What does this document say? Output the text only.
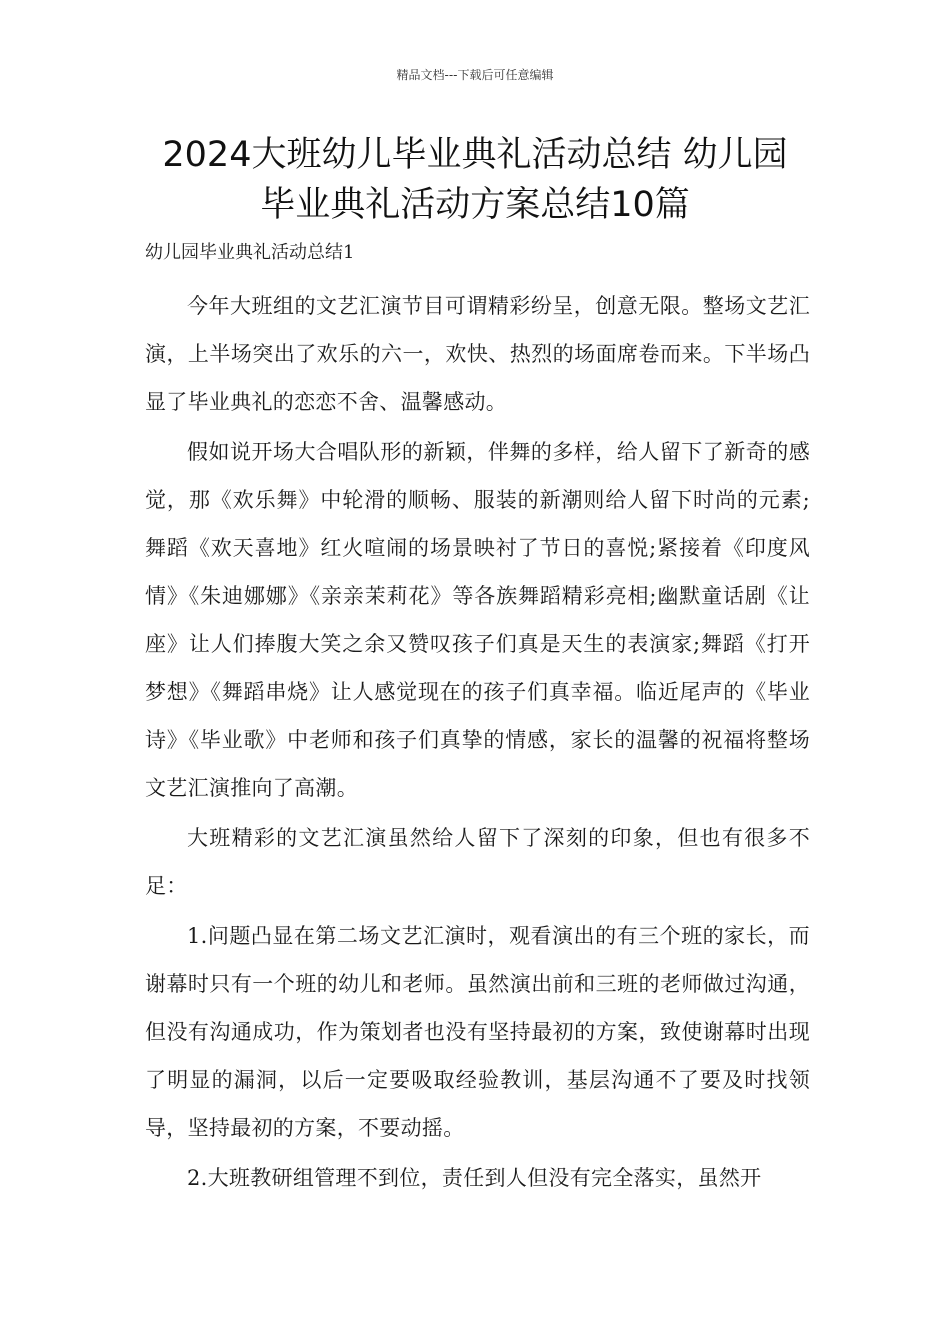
精品文档---下载后可任意编辑
2024大班幼儿毕业典礼活动总结 幼儿园毕业典礼活动方案总结10篇
幼儿园毕业典礼活动总结1

今年大班组的文艺汇演节目可谓精彩纷呈，创意无限。整场文艺汇演，上半场突出了欢乐的六一，欢快、热烈的场面席卷而来。下半场凸显了毕业典礼的恋恋不舍、温馨感动。

假如说开场大合唱队形的新颖，伴舞的多样，给人留下了新奇的感觉，那《欢乐舞》中轮滑的顺畅、服装的新潮则给人留下时尚的元素;舞蹈《欢天喜地》红火喧闹的场景映衬了节日的喜悦;紧接着《印度风情》《朱迪娜娜》《亲亲茉莉花》等各族舞蹈精彩亮相;幽默童话剧《让座》让人们捧腹大笑之余又赞叹孩子们真是天生的表演家;舞蹈《打开梦想》《舞蹈串烧》让人感觉现在的孩子们真幸福。临近尾声的《毕业诗》《毕业歌》中老师和孩子们真挚的情感，家长的温馨的祝福将整场文艺汇演推向了高潮。

大班精彩的文艺汇演虽然给人留下了深刻的印象，但也有很多不足：

1.问题凸显在第二场文艺汇演时，观看演出的有三个班的家长，而谢幕时只有一个班的幼儿和老师。虽然演出前和三班的老师做过沟通，但没有沟通成功，作为策划者也没有坚持最初的方案，致使谢幕时出现了明显的漏洞，以后一定要吸取经验教训，基层沟通不了要及时找领导，坚持最初的方案，不要动摇。

2.大班教研组管理不到位，责任到人但没有完全落实，虽然开
